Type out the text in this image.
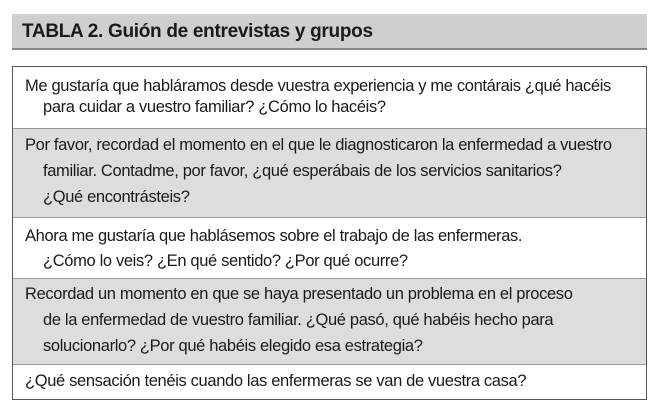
TABLA 2. Guión de entrevistas y grupos
Me gustaría que habláramos desde vuestra experiencia y me contárais ¿qué hacéis
para cuidar a vuestro familiar? ¿Cómo lo hacéis?
Por favor, recordad el momento en el que le diagnosticaron la enfermedad a vuestro
familiar. Contadme, por favor, ¿qué esperábais de los servicios sanitarios?
¿Qué encontrásteis?
Ahora me gustaría que hablásemos sobre el trabajo de las enfermeras.
¿Cómo lo veis? ¿En qué sentido? ¿Por qué ocurre?
Recordad un momento en que se haya presentado un problema en el proceso
de la enfermedad de vuestro familiar. ¿Qué pasó, qué habéis hecho para
solucionarlo? ¿Por qué habéis elegido esa estrategia?
¿Qué sensación tenéis cuando las enfermeras se van de vuestra casa?
